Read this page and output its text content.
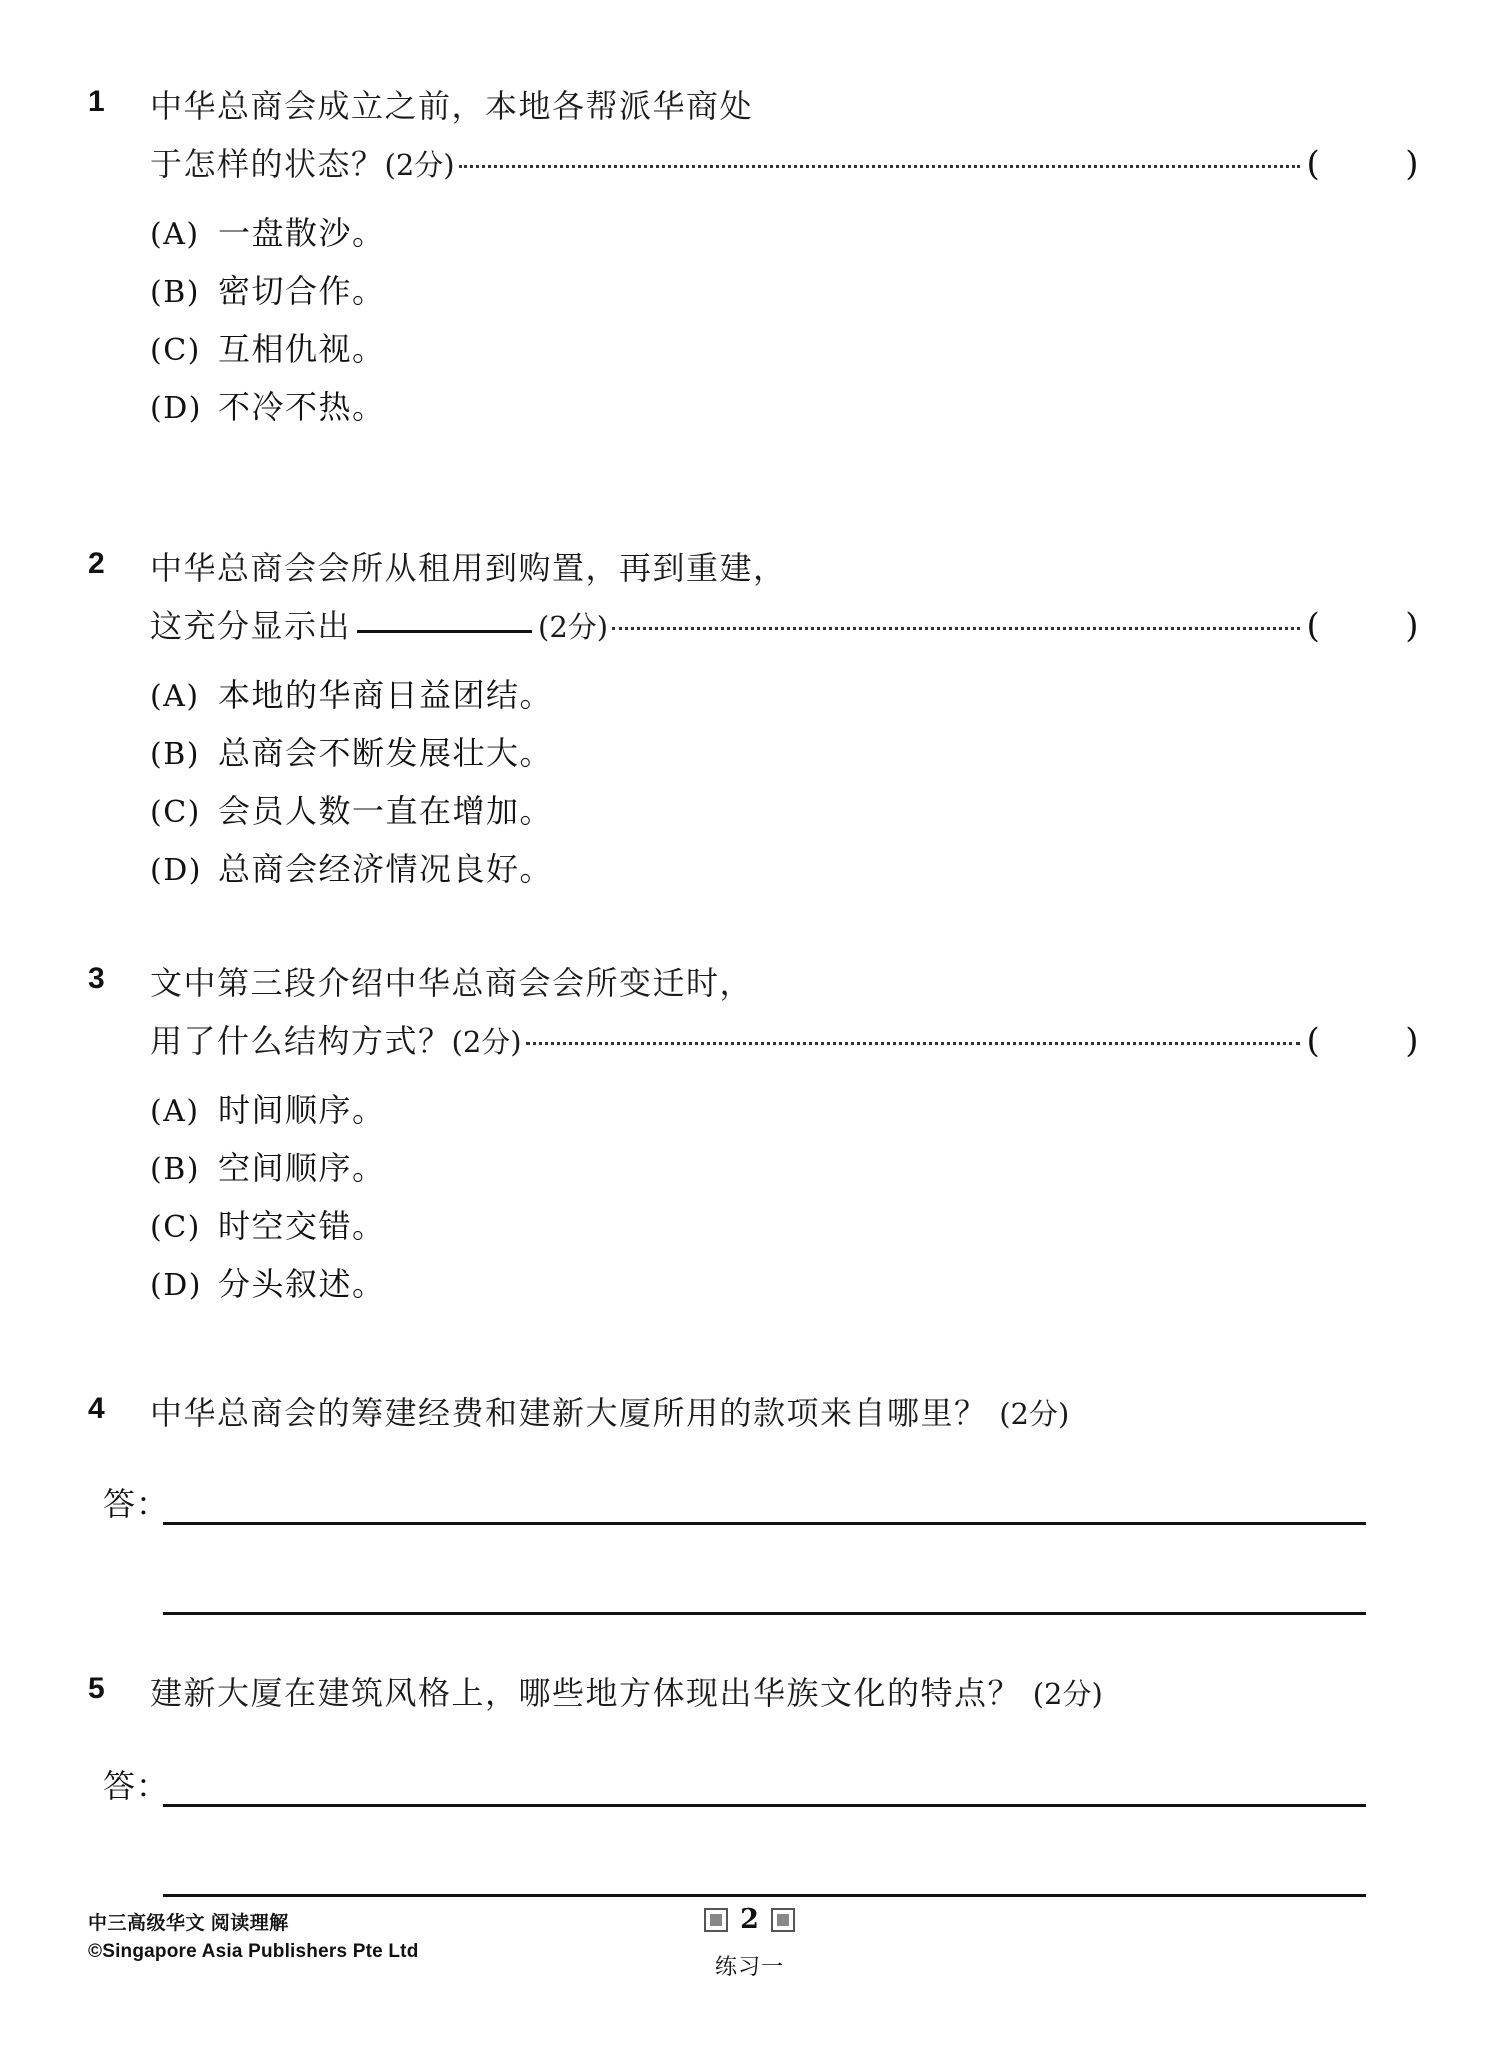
1	中华总商会成立之前，本地各帮派华商处
于怎样的状态？ (2分)	( )
(A) 一盘散沙。
(B) 密切合作。
(C) 互相仇视。
(D) 不冷不热。
2	中华总商会会所从租用到购置，再到重建，
这充分显示出	(2分)	( )
(A) 本地的华商日益团结。
(B) 总商会不断发展壮大。
(C) 会员人数一直在增加。
(D) 总商会经济情况良好。
3	文中第三段介绍中华总商会会所变迁时，
用了什么结构方式？ (2分)	( )
(A) 时间顺序。
(B) 空间顺序。
(C) 时空交错。
(D) 分头叙述。
4	中华总商会的筹建经费和建新大厦所用的款项来自哪里？ (2分)
答：
5	建新大厦在建筑风格上，哪些地方体现出华族文化的特点？ (2分)
答：
中三高级华文 阅读理解
©Singapore Asia Publishers Pte Ltd
2
练习一
